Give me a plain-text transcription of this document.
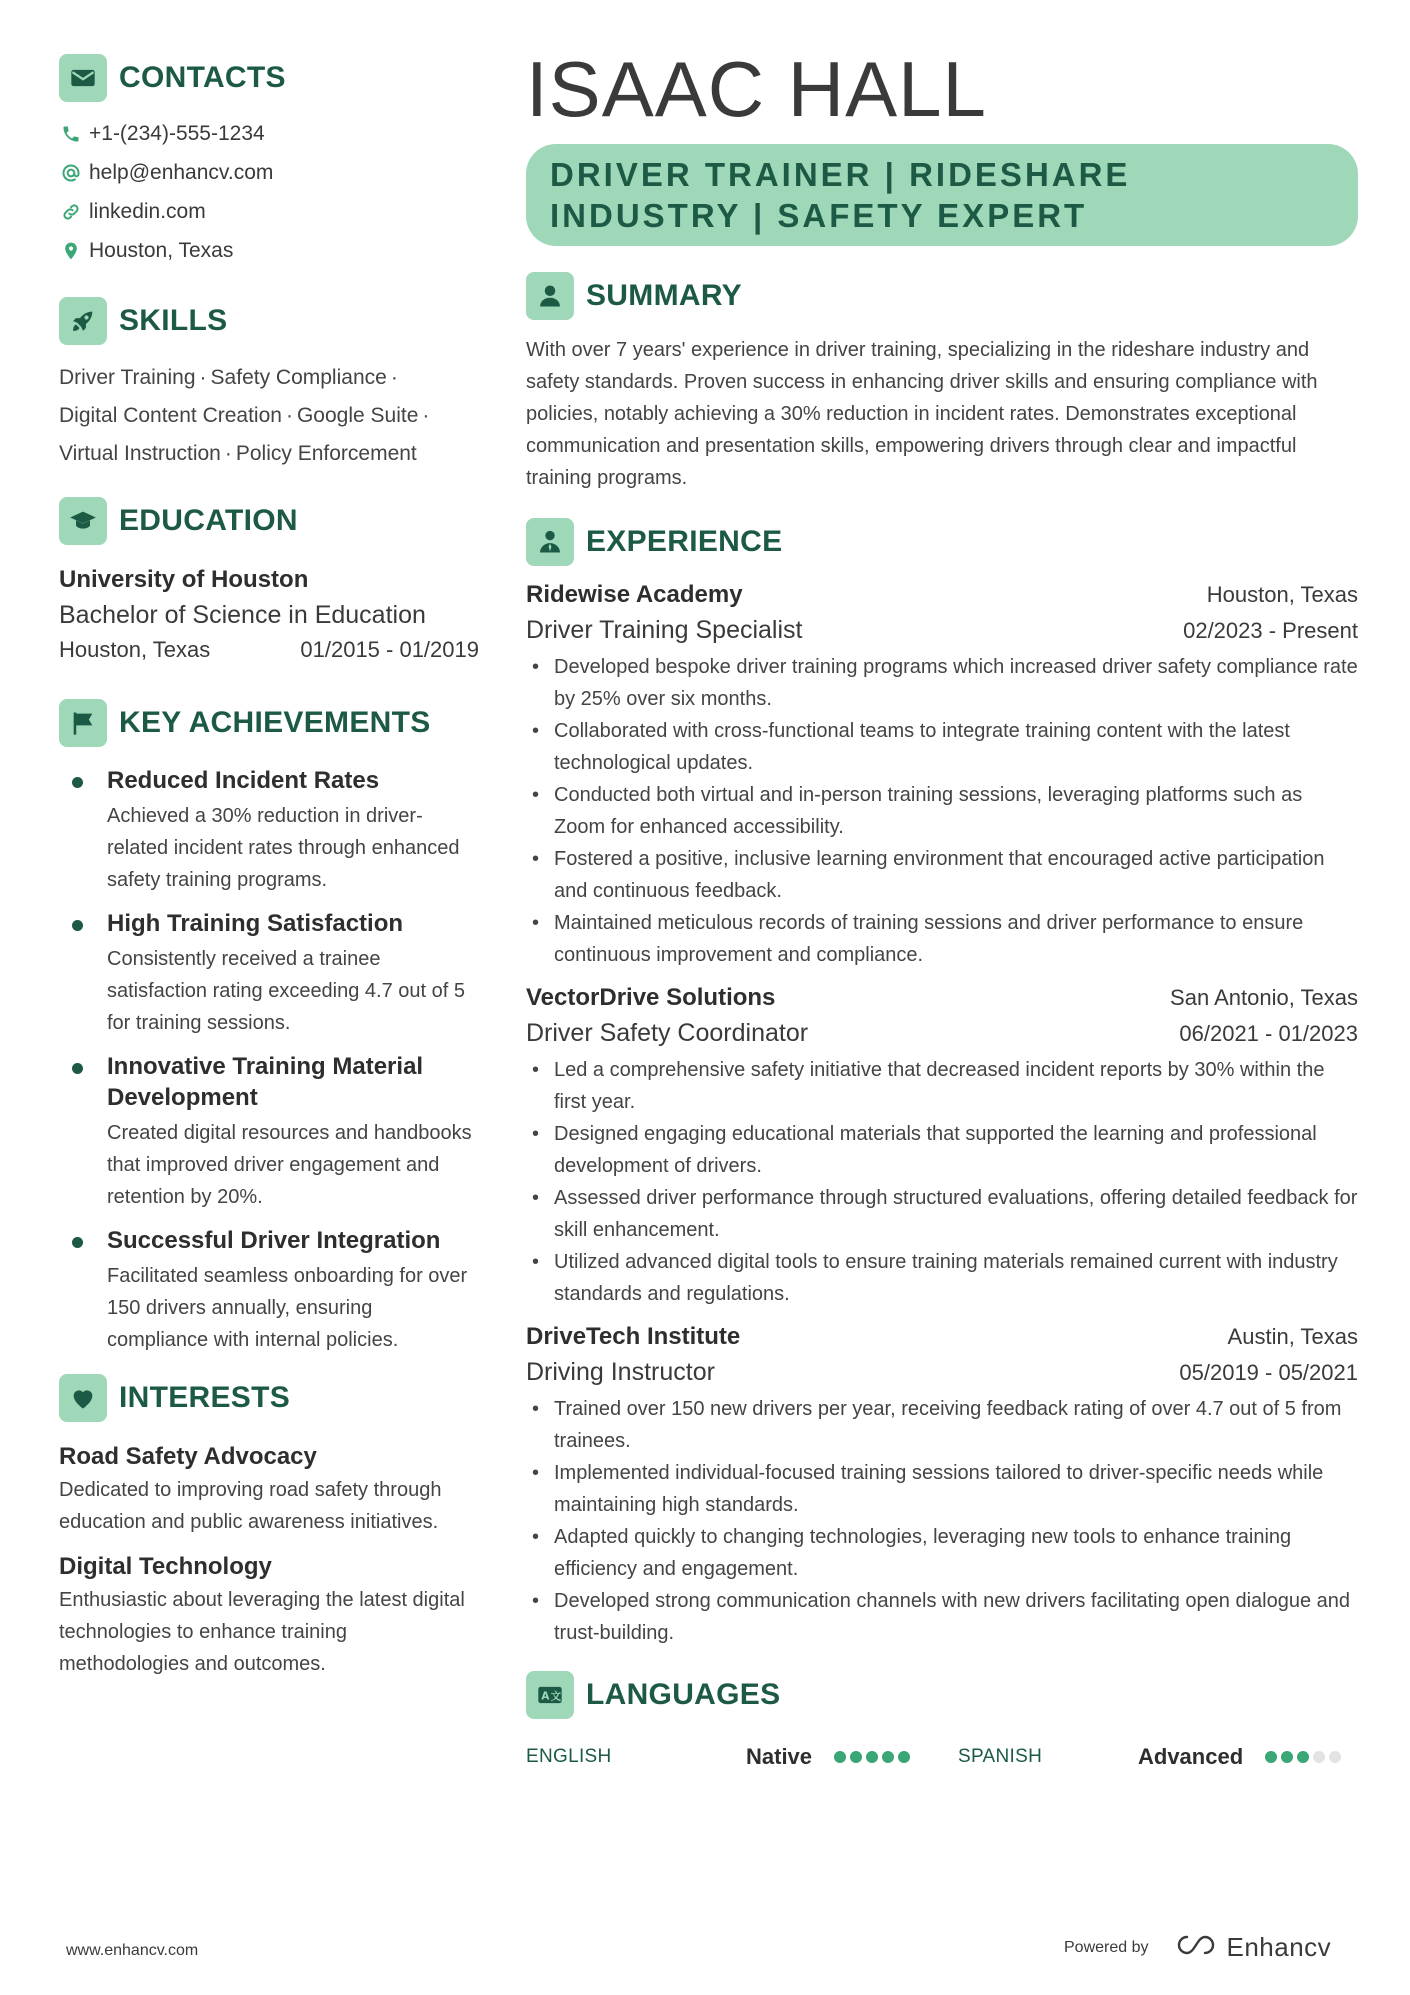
CONTACTS
+1-(234)-555-1234
help@enhancv.com
linkedin.com
Houston, Texas
SKILLS
Driver Training · Safety Compliance ·
Digital Content Creation · Google Suite ·
Virtual Instruction · Policy Enforcement
EDUCATION
University of Houston
Bachelor of Science in Education
Houston, Texas	01/2015 - 01/2019
KEY ACHIEVEMENTS
Reduced Incident Rates
Achieved a 30% reduction in driver-related incident rates through enhanced safety training programs.
High Training Satisfaction
Consistently received a trainee satisfaction rating exceeding 4.7 out of 5 for training sessions.
Innovative Training Material Development
Created digital resources and handbooks that improved driver engagement and retention by 20%.
Successful Driver Integration
Facilitated seamless onboarding for over 150 drivers annually, ensuring compliance with internal policies.
INTERESTS
Road Safety Advocacy
Dedicated to improving road safety through education and public awareness initiatives.
Digital Technology
Enthusiastic about leveraging the latest digital technologies to enhance training methodologies and outcomes.
ISAAC HALL
DRIVER TRAINER | RIDESHARE INDUSTRY | SAFETY EXPERT
SUMMARY
With over 7 years' experience in driver training, specializing in the rideshare industry and safety standards. Proven success in enhancing driver skills and ensuring compliance with policies, notably achieving a 30% reduction in incident rates. Demonstrates exceptional communication and presentation skills, empowering drivers through clear and impactful training programs.
EXPERIENCE
Ridewise Academy	Houston, Texas
Driver Training Specialist	02/2023 - Present
• Developed bespoke driver training programs which increased driver safety compliance rate by 25% over six months.
• Collaborated with cross-functional teams to integrate training content with the latest technological updates.
• Conducted both virtual and in-person training sessions, leveraging platforms such as Zoom for enhanced accessibility.
• Fostered a positive, inclusive learning environment that encouraged active participation and continuous feedback.
• Maintained meticulous records of training sessions and driver performance to ensure continuous improvement and compliance.
VectorDrive Solutions	San Antonio, Texas
Driver Safety Coordinator	06/2021 - 01/2023
• Led a comprehensive safety initiative that decreased incident reports by 30% within the first year.
• Designed engaging educational materials that supported the learning and professional development of drivers.
• Assessed driver performance through structured evaluations, offering detailed feedback for skill enhancement.
• Utilized advanced digital tools to ensure training materials remained current with industry standards and regulations.
DriveTech Institute	Austin, Texas
Driving Instructor	05/2019 - 05/2021
• Trained over 150 new drivers per year, receiving feedback rating of over 4.7 out of 5 from trainees.
• Implemented individual-focused training sessions tailored to driver-specific needs while maintaining high standards.
• Adapted quickly to changing technologies, leveraging new tools to enhance training efficiency and engagement.
• Developed strong communication channels with new drivers facilitating open dialogue and trust-building.
A 文 LANGUAGES
ENGLISH	Native	SPANISH	Advanced
www.enhancv.com	Powered by	Enhancv
